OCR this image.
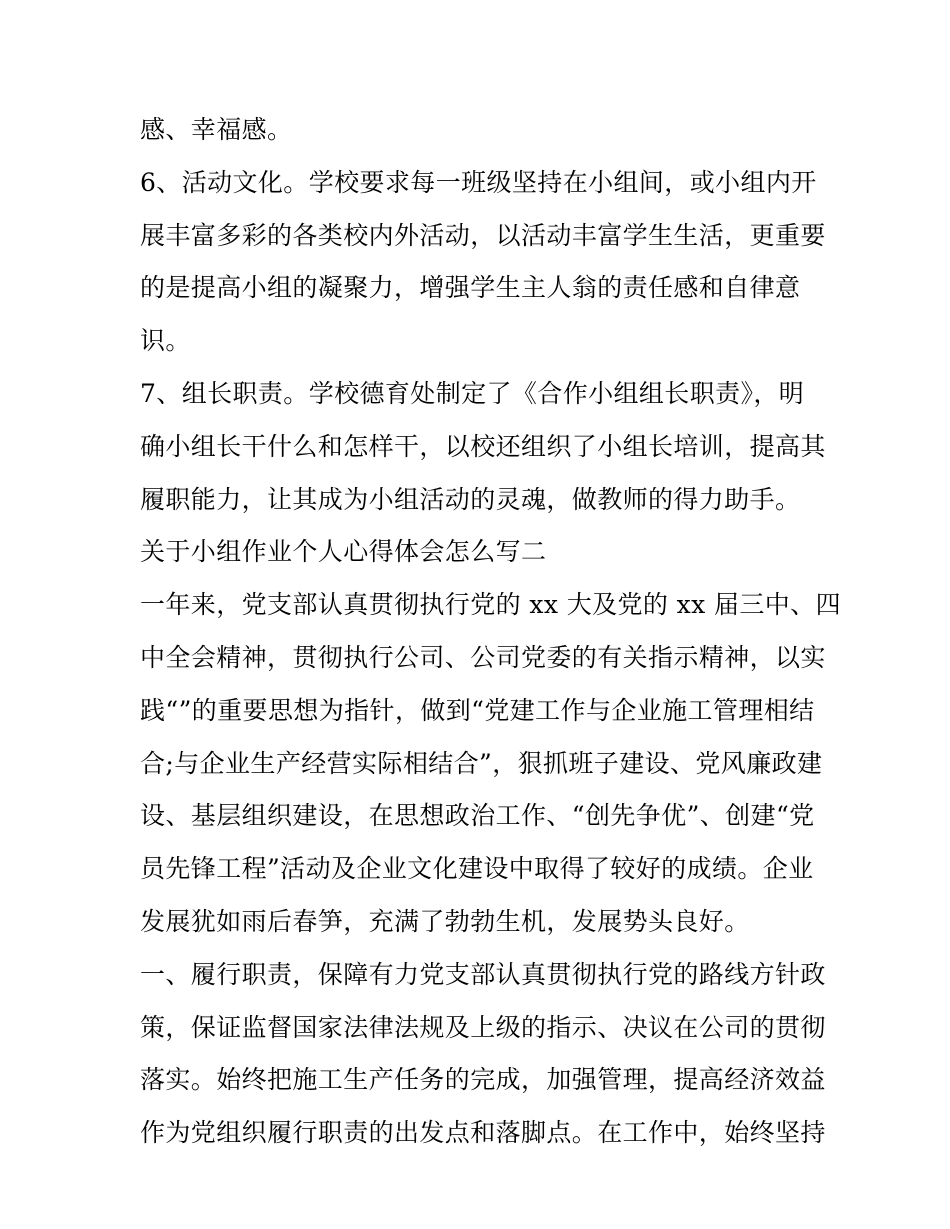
感、幸福感。
6、活动文化。学校要求每一班级坚持在小组间，或小组内开
展丰富多彩的各类校内外活动，以活动丰富学生生活，更重要
的是提高小组的凝聚力，增强学生主人翁的责任感和自律意
识。
7、组长职责。学校德育处制定了《合作小组组长职责》，明
确小组长干什么和怎样干，以校还组织了小组长培训，提高其
履职能力，让其成为小组活动的灵魂，做教师的得力助手。
关于小组作业个人心得体会怎么写二
一年来，党支部认真贯彻执行党的 xx 大及党的 xx 届三中、四
中全会精神，贯彻执行公司、公司党委的有关指示精神，以实
践“”的重要思想为指针，做到“党建工作与企业施工管理相结
合;与企业生产经营实际相结合”，狠抓班子建设、党风廉政建
设、基层组织建设，在思想政治工作、“创先争优”、创建“党
员先锋工程”活动及企业文化建设中取得了较好的成绩。企业
发展犹如雨后春笋，充满了勃勃生机，发展势头良好。
一、履行职责，保障有力党支部认真贯彻执行党的路线方针政
策，保证监督国家法律法规及上级的指示、决议在公司的贯彻
落实。始终把施工生产任务的完成，加强管理，提高经济效益
作为党组织履行职责的出发点和落脚点。在工作中，始终坚持
